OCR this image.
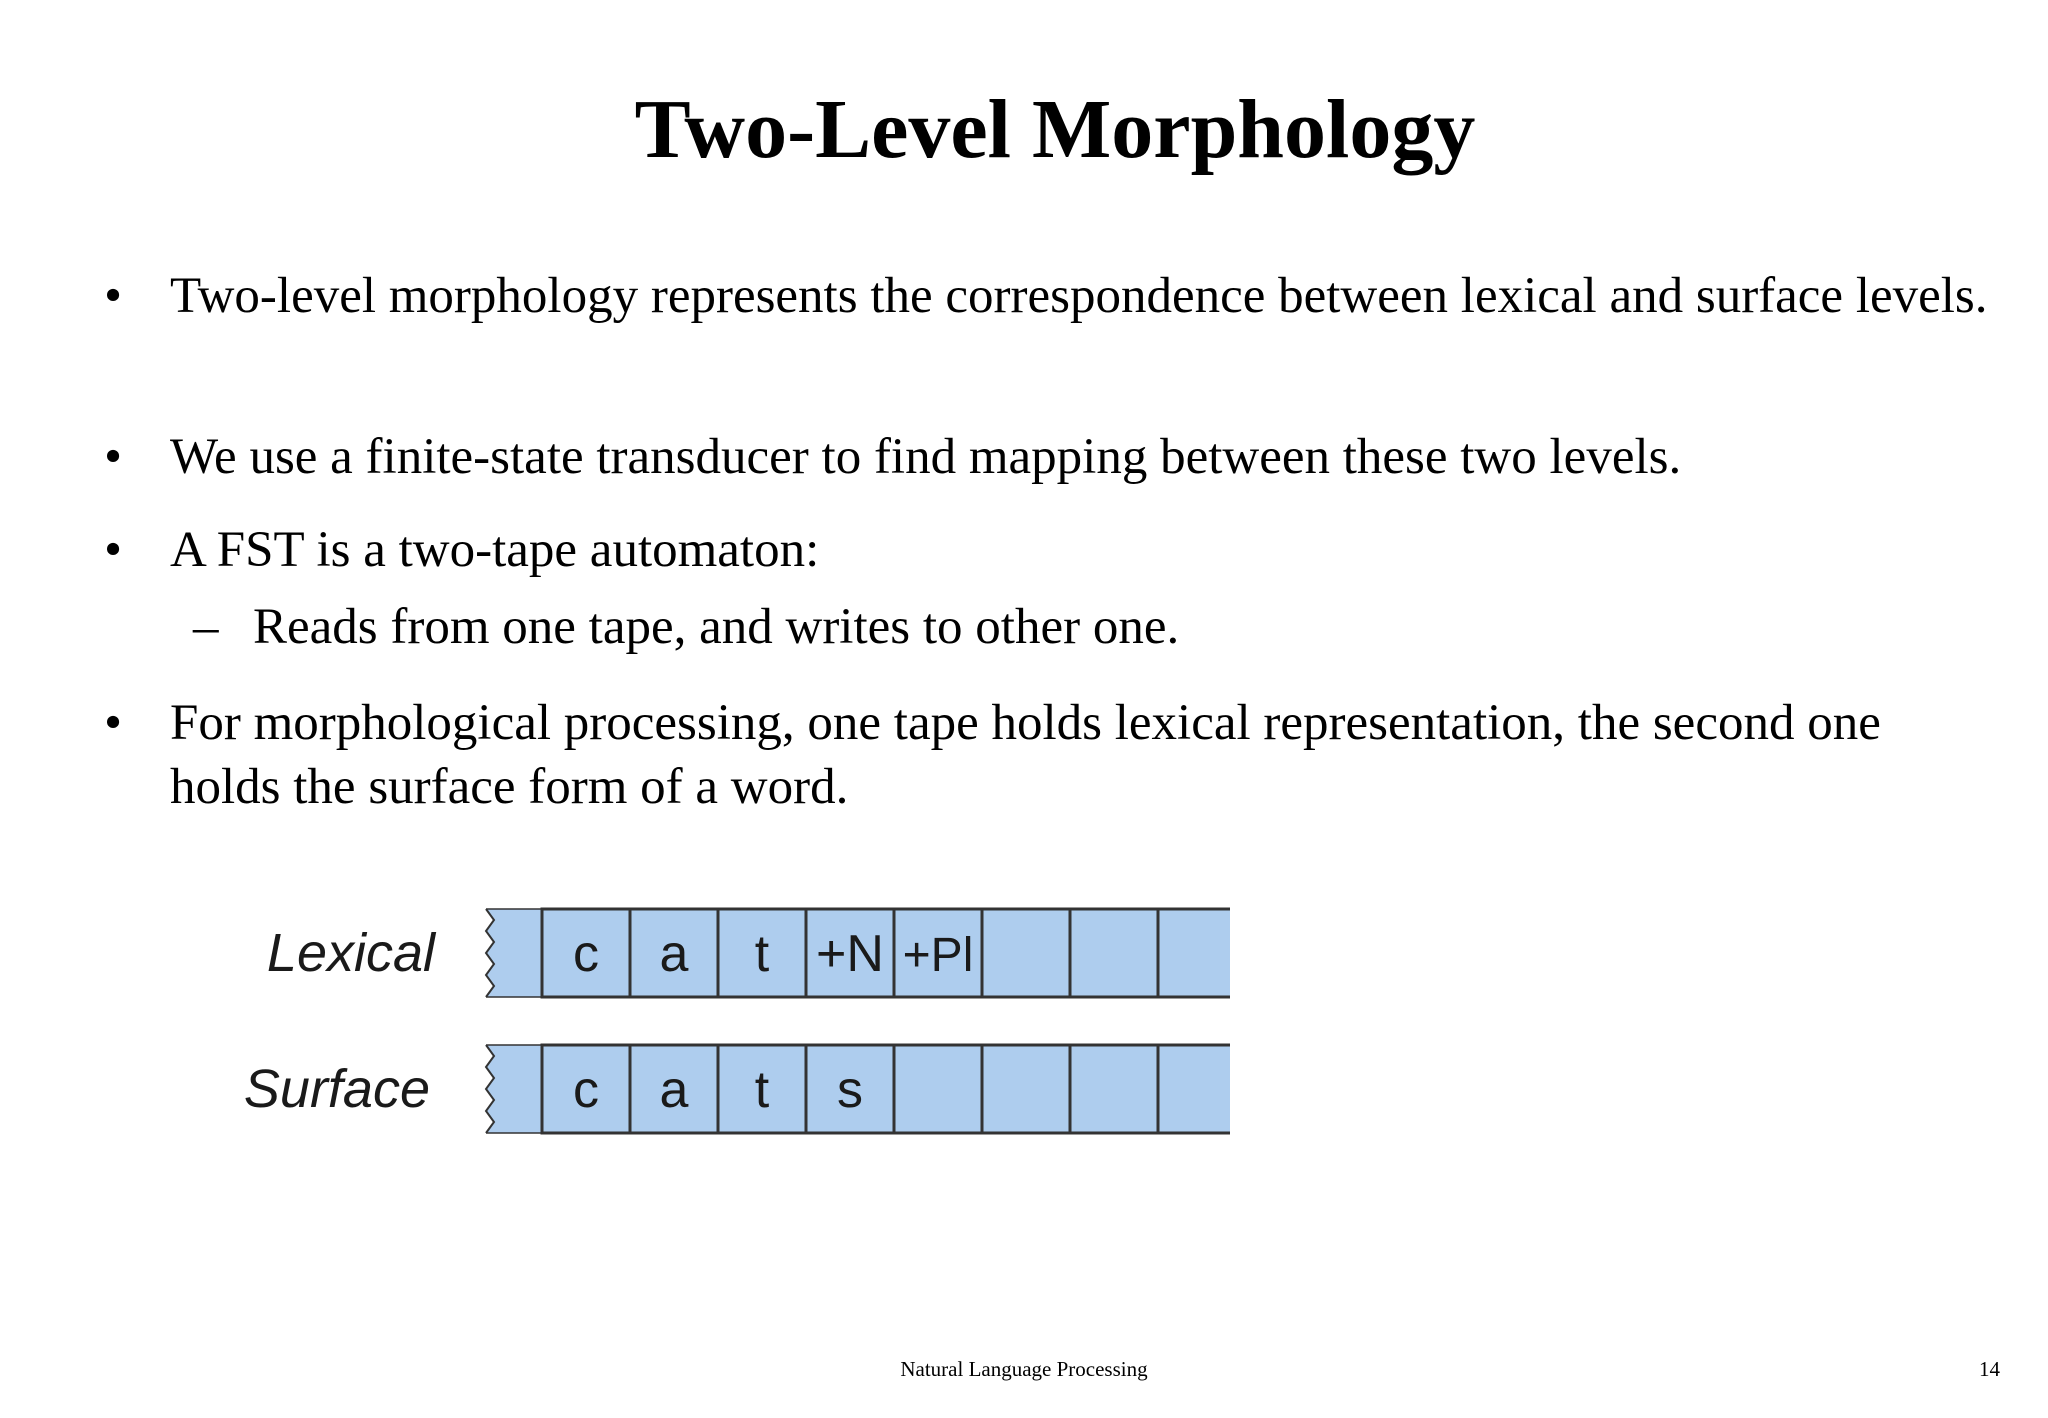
Two-Level Morphology
• Two-level morphology represents the correspondence between lexical and surface levels.
• We use a finite-state transducer to find mapping between these two levels.
• A FST is a two-tape automaton:
– Reads from one tape, and writes to other one.
• For morphological processing, one tape holds lexical representation, the second one holds the surface form of a word.
Lexical	c a t +N +Pl
Surface	c a t s
Natural Language Processing	14
